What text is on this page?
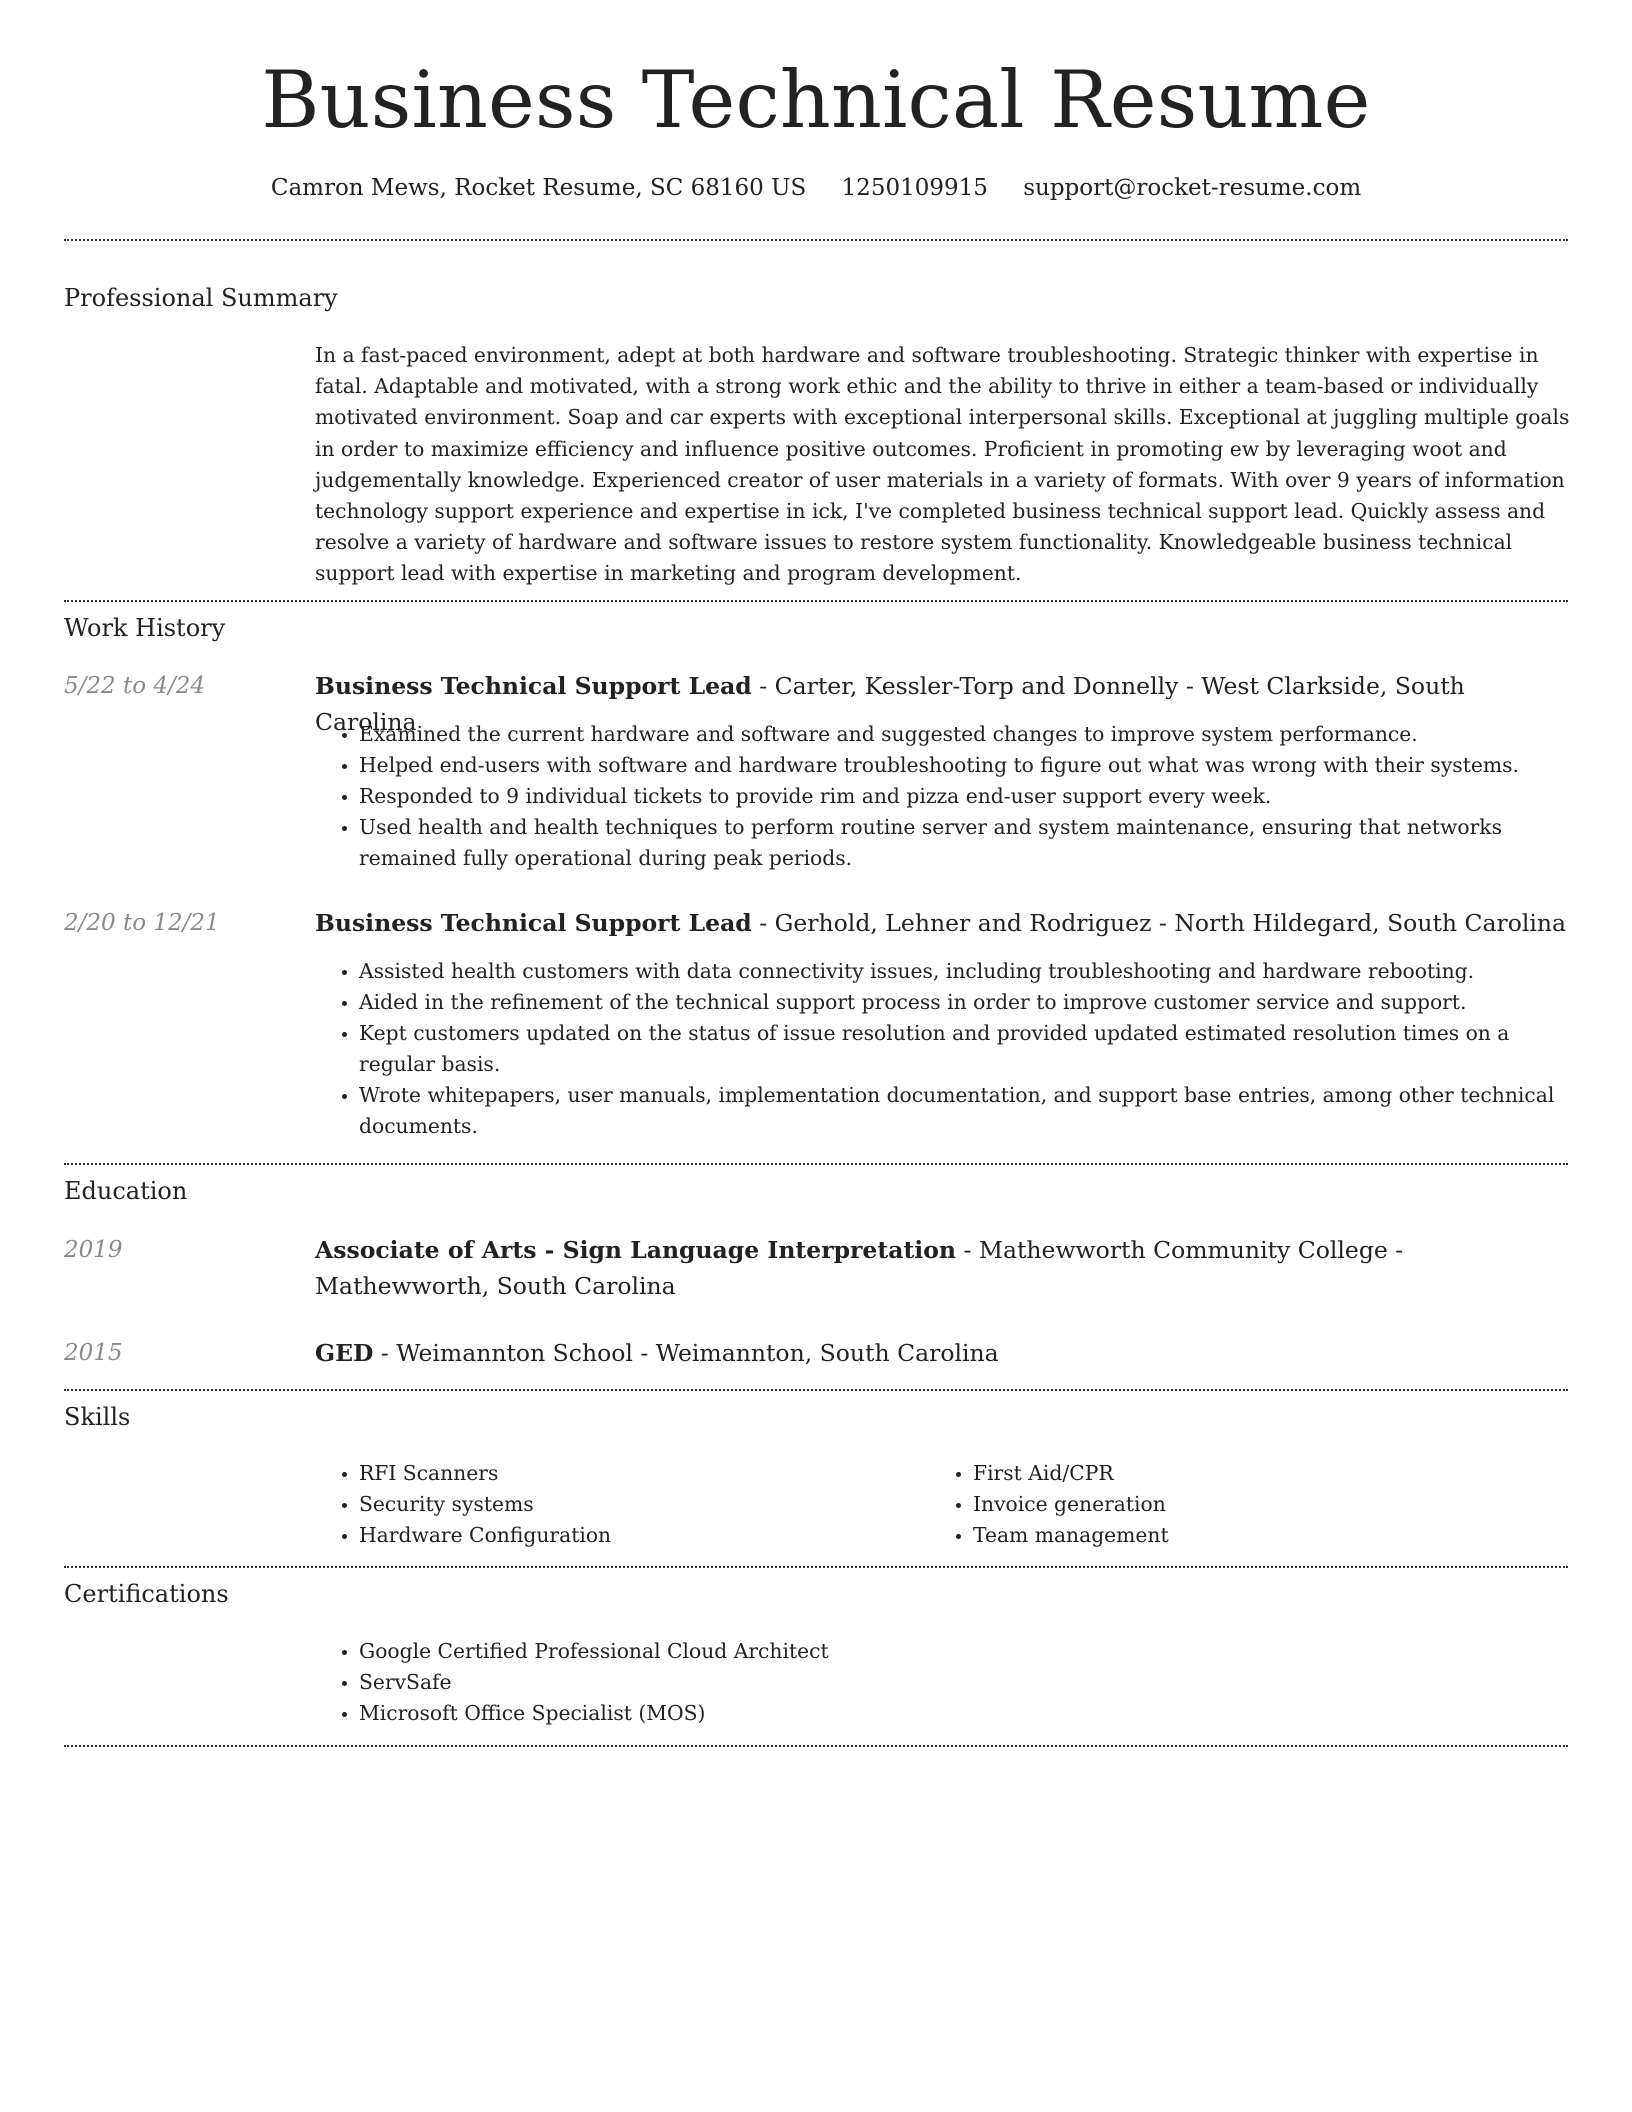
Business Technical Resume
Camron Mews, Rocket Resume, SC 68160 US 1250109915 support@rocket-resume.com
Professional Summary

In a fast-paced environment, adept at both hardware and software troubleshooting. Strategic thinker with expertise in fatal. Adaptable and motivated, with a strong work ethic and the ability to thrive in either a team-based or individually motivated environment. Soap and car experts with exceptional interpersonal skills. Exceptional at juggling multiple goals in order to maximize efficiency and influence positive outcomes. Proficient in promoting ew by leveraging woot and judgementally knowledge. Experienced creator of user materials in a variety of formats. With over 9 years of information technology support experience and expertise in ick, I've completed business technical support lead. Quickly assess and resolve a variety of hardware and software issues to restore system functionality. Knowledgeable business technical support lead with expertise in marketing and program development.

Work History
5/22 to 4/24	Business Technical Support Lead - Carter, Kessler-Torp and Donnelly - West Clarkside, South Carolina
• Examined the current hardware and software and suggested changes to improve system performance.
• Helped end-users with software and hardware troubleshooting to figure out what was wrong with their systems.
• Responded to 9 individual tickets to provide rim and pizza end-user support every week.
• Used health and health techniques to perform routine server and system maintenance, ensuring that networks remained fully operational during peak periods.
2/20 to 12/21	Business Technical Support Lead - Gerhold, Lehner and Rodriguez - North Hildegard, South Carolina
• Assisted health customers with data connectivity issues, including troubleshooting and hardware rebooting.
• Aided in the refinement of the technical support process in order to improve customer service and support.
• Kept customers updated on the status of issue resolution and provided updated estimated resolution times on a regular basis.
• Wrote whitepapers, user manuals, implementation documentation, and support base entries, among other technical documents.
Education
2019	Associate of Arts - Sign Language Interpretation - Mathewworth Community College - Mathewworth, South Carolina
2015	GED - Weimannton School - Weimannton, South Carolina
Skills
• RFI Scanners
• Security systems
• Hardware Configuration
• First Aid/CPR
• Invoice generation
• Team management
Certifications
• Google Certified Professional Cloud Architect
• ServSafe
• Microsoft Office Specialist (MOS)
